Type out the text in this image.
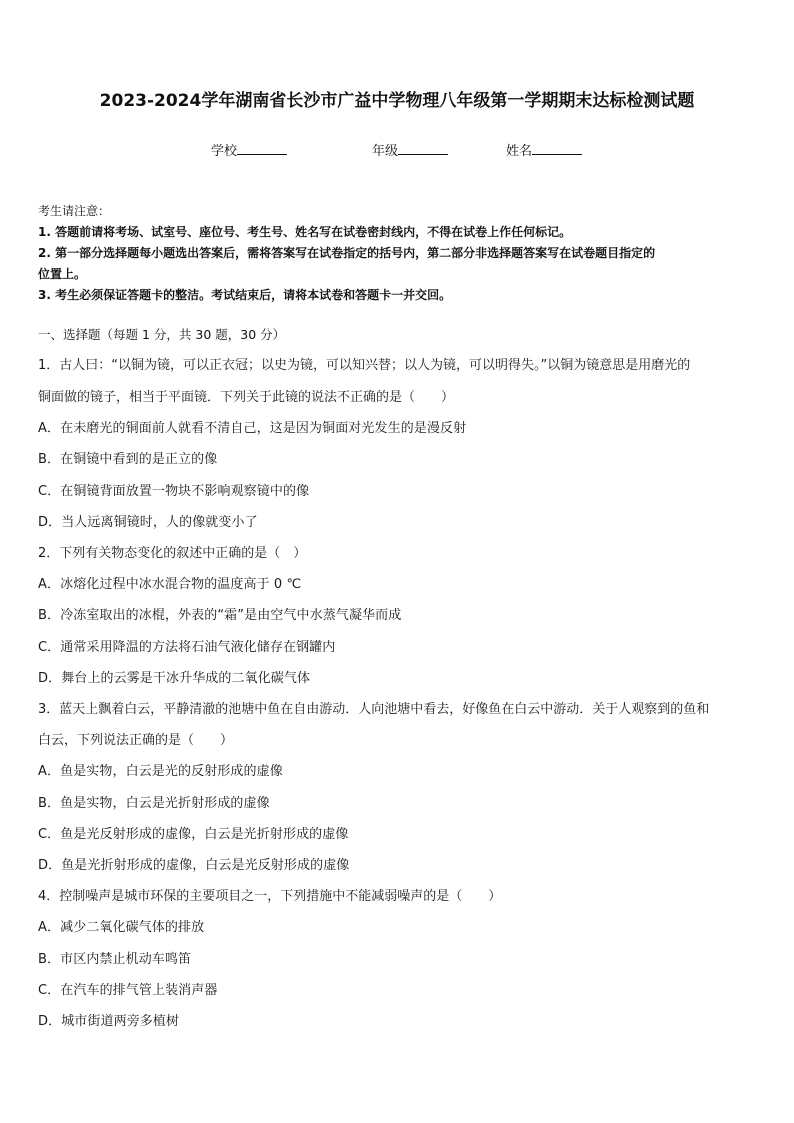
2023-2024学年湖南省长沙市广益中学物理八年级第一学期期末达标检测试题
学校	年级	姓名
考生请注意：
1. 答题前请将考场、试室号、座位号、考生号、姓名写在试卷密封线内，不得在试卷上作任何标记。
2. 第一部分选择题每小题选出答案后，需将答案写在试卷指定的括号内，第二部分非选择题答案写在试卷题目指定的
位置上。
3. 考生必须保证答题卡的整洁。考试结束后，请将本试卷和答题卡一并交回。
一、选择题（每题 1 分，共 30 题，30 分）
1．古人曰：“以铜为镜，可以正衣冠；以史为镜，可以知兴替；以人为镜，可以明得失。”以铜为镜意思是用磨光的
铜面做的镜子，相当于平面镜．下列关于此镜的说法不正确的是（　　）
A．在未磨光的铜面前人就看不清自己，这是因为铜面对光发生的是漫反射
B．在铜镜中看到的是正立的像
C．在铜镜背面放置一物块不影响观察镜中的像
D．当人远离铜镜时，人的像就变小了
2．下列有关物态变化的叙述中正确的是（　）
A．冰熔化过程中冰水混合物的温度高于 0 ℃
B．冷冻室取出的冰棍，外表的“霜”是由空气中水蒸气凝华而成
C．通常采用降温的方法将石油气液化储存在钢罐内
D．舞台上的云雾是干冰升华成的二氧化碳气体
3．蓝天上飘着白云，平静清澈的池塘中鱼在自由游动．人向池塘中看去，好像鱼在白云中游动．关于人观察到的鱼和
白云，下列说法正确的是（　　）
A．鱼是实物，白云是光的反射形成的虚像
B．鱼是实物，白云是光折射形成的虚像
C．鱼是光反射形成的虚像，白云是光折射形成的虚像
D．鱼是光折射形成的虚像，白云是光反射形成的虚像
4．控制噪声是城市环保的主要项目之一，下列措施中不能减弱噪声的是（　　）
A．减少二氧化碳气体的排放
B．市区内禁止机动车鸣笛
C．在汽车的排气管上装消声器
D．城市街道两旁多植树
